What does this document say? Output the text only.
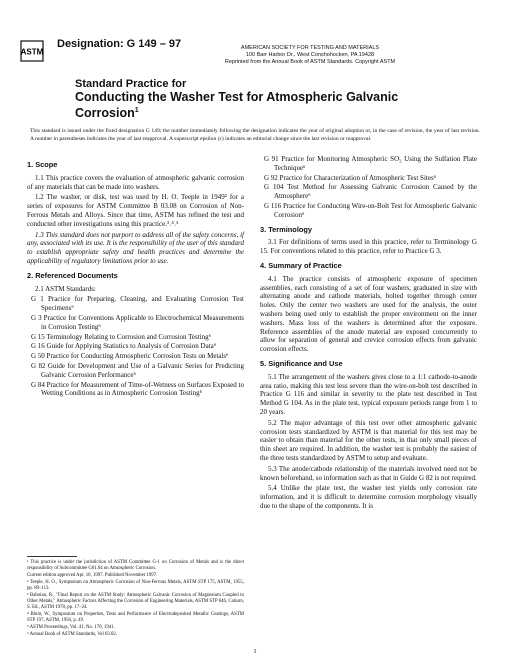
ASTM
Designation: G 149 – 97	AMERICAN SOCIETY FOR TESTING AND MATERIALS
100 Barr Harbor Dr., West Conshohocken, PA 19428
Reprinted from the Annual Book of ASTM Standards. Copyright ASTM
Standard Practice for
Conducting the Washer Test for Atmospheric Galvanic
Corrosion$^1$
This standard is issued under the fixed designation G 149; the number immediately following the designation indicates the year of original adoption or, in the case of revision, the year of last revision. A number in parentheses indicates the year of last reapproval. A superscript epsilon (ε) indicates an editorial change since the last revision or reapproval.
1. Scope

1.1 This practice covers the evaluation of atmospheric galvanic corrosion of any materials that can be made into washers.

1.2 The washer, or disk, test was used by H. O. Teeple in 1949² for a series of exposures for ASTM Committee B 03.08 on Corrosion of Non-Ferrous Metals and Alloys. Since that time, ASTM has refined the test and conducted other investigations using this practice.³˒⁴˒⁵

1.3 This standard does not purport to address all of the safety concerns, if any, associated with its use. It is the responsibility of the user of this standard to establish appropriate safety and health practices and determine the applicability of regulatory limitations prior to use.

2. Referenced Documents

2.1 ASTM Standards:

G 1 Practice for Preparing, Cleaning, and Evaluating Corrosion Test Specimens⁶
G 3 Practice for Conventions Applicable to Electrochemical Measurements in Corrosion Testing⁶
G 15 Terminology Relating to Corrosion and Corrosion Testing⁶
G 16 Guide for Applying Statistics to Analysis of Corrosion Data⁶
G 50 Practice for Conducting Atmospheric Corrosion Tests on Metals⁶
G 82 Guide for Development and Use of a Galvanic Series for Predicting Galvanic Corrosion Performance⁶
G 84 Practice for Measurement of Time-of-Wetness on Surfaces Exposed to Wetting Conditions as in Atmospheric Corrosion Testing⁶

¹ This practice is under the jurisdiction of ASTM Committee G-1 on Corrosion of Metals and is the direct responsibility of Subcommittee G01.04 on Atmospheric Corrosion.

Current edition approved Apr. 10, 1997. Published November 1997.

² Teeple, H. O., Symposium on Atmospheric Corrosion of Non-Ferrous Metals, ASTM STP 175, ASTM, 1955, pp. 89–113.

³ Baboian, R., "Final Report on the ASTM Study: Atmospheric Galvanic Corrosion of Magnesium Coupled to Other Metals," Atmospheric Factors Affecting the Corrosion of Engineering Materials, ASTM STP 646, Coburn, S. Ed., ASTM 1978, pp. 17–24.

⁴ Blum, W., Symposium on Properties, Tests and Performance of Electrodeposited Metallic Coatings, ASTM STP 197, ASTM, 1956, p. 49.

⁵ ASTM Proceedings, Vol. 41, No. 170, 1941.

⁶ Annual Book of ASTM Standards, Vol 03.02.

G 91 Practice for Monitoring Atmospheric SO₂ Using the Sulfation Plate Technique⁶
G 92 Practice for Characterization of Atmospheric Test Sites⁶
G 104 Test Method for Assessing Galvanic Corrosion Caused by the Atmosphere⁶
G 116 Practice for Conducting Wire-on-Bolt Test for Atmospheric Galvanic Corrosion⁶
3. Terminology

3.1 For definitions of terms used in this practice, refer to Terminology G 15. For conventions related to this practice, refer to Practice G 3.

4. Summary of Practice

4.1 The practice consists of atmospheric exposure of specimen assemblies, each consisting of a set of four washers, graduated in size with alternating anode and cathode materials, bolted together through center holes. Only the center two washers are used for the analysis, the outer washers being used only to establish the proper environment on the inner washers. Mass loss of the washers is determined after the exposure. Reference assemblies of the anode material are exposed concurrently to allow for separation of general and crevice corrosion effects from galvanic corrosion effects.

5. Significance and Use

5.1 The arrangement of the washers gives close to a 1:1 cathode-to-anode area ratio, making this test less severe than the wire-on-bolt test described in Practice G 116 and similar in severity to the plate test described in Test Method G 104. As in the plate test, typical exposure periods range from 1 to 20 years.

5.2 The major advantage of this test over other atmospheric galvanic corrosion tests standardized by ASTM is that material for this test may be easier to obtain than material for the other tests, in that only small pieces of thin sheet are required. In addition, the washer test is probably the easiest of the three tests standardized by ASTM to setup and evaluate.

5.3 The anode/cathode relationship of the materials involved need not be known beforehand, so information such as that in Guide G 82 is not required.

5.4 Unlike the plate test, the washer test yields only corrosion rate information, and it is difficult to determine corrosion morphology visually due to the shape of the components. It is

1
